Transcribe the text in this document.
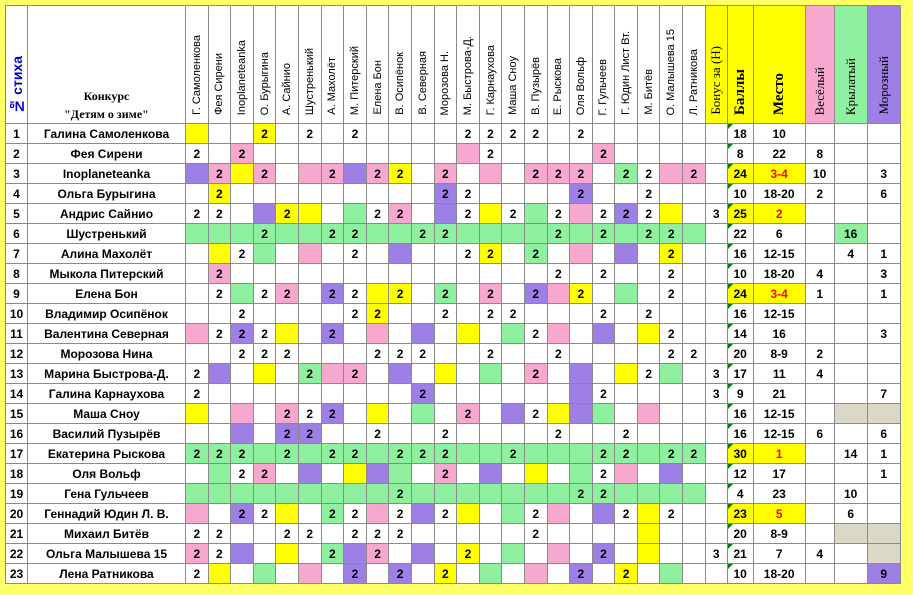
№ стиха	Конкурс
"Детям о зиме"	Г. Самоленкова	Фея Сирени	Inoplaneteanka	О. Бурыгина	А. Сайнио	Шустренький	А. Махолёт	М. Питерский	Елена Бон	В. Осипёнок	В. Северная	Морозова Н.	М. Быстрова-Д.	Г. Карнаухова	Маша Сноу	В. Пузырёв	Е. Рыскова	Оля Вольф	Г. Гульчеев	Г. Юдин Лист Вт.	М. Битёв	О. Малышева 15	Л. Ратникова	Бонус за (Н)	Баллы	Место	Весёлый	Крылатый	Морозный
1	Галина Самоленкова				2		2		2					2	2	2	2		2							18	10			
2	Фея Сирени	2		2											2					2						8	22	8		
3	Inoplaneteanka		2		2			2		2	2		2				2	2	2		2	2		2		24	3-4	10		3
4	Ольга Бурыгина		2										2	2					2			2				10	18-20	2		6
5	Андрис Сайнио	2	2			2				2	2			2		2		2		2	2	2			3	25	2			
6	Шустренький				2			2	2			2	2					2		2		2	2			22	6		16	
7	Алина Махолёт			2					2					2	2		2						2			16	12-15		4	1
8	Мыкола Питерский		2															2		2			2			10	18-20	4		3
9	Елена Бон		2		2	2		2	2		2		2		2		2		2				2			24	3-4	1		1
10	Владимир Осипёнок			2					2	2			2		2	2				2		2				16	12-15			
11	Валентина Северная		2	2	2			2									2						2			14	16			3
12	Морозова Нина			2	2	2				2	2	2			2			2					2	2		20	8-9	2		
13	Марина Быстрова-Д.	2					2		2								2					2			3	17	11	4		
14	Галина Карнаухова	2										2								2					3	9	21			7
15	Маша Сноу					2	2	2						2			2									16	12-15			
16	Василий Пузырёв					2	2			2			2					2			2					16	12-15	6		6
17	Екатерина Рыскова	2	2	2		2		2	2		2	2	2			2				2	2		2	2		30	1		14	1
18	Оля Вольф			2	2								2							2						12	17			1
19	Гена Гульчеев										2								2	2						4	23		10	
20	Геннадий Юдин Л. В.			2	2			2	2		2		2				2				2		2			23	5		6	
21	Михаил Битёв	2	2			2	2		2	2	2						2									20	8-9			
22	Ольга Малышева 15	2	2					2		2				2						2					3	21	7	4		
23	Лена Ратникова	2							2		2		2						2		2					10	18-20			9
